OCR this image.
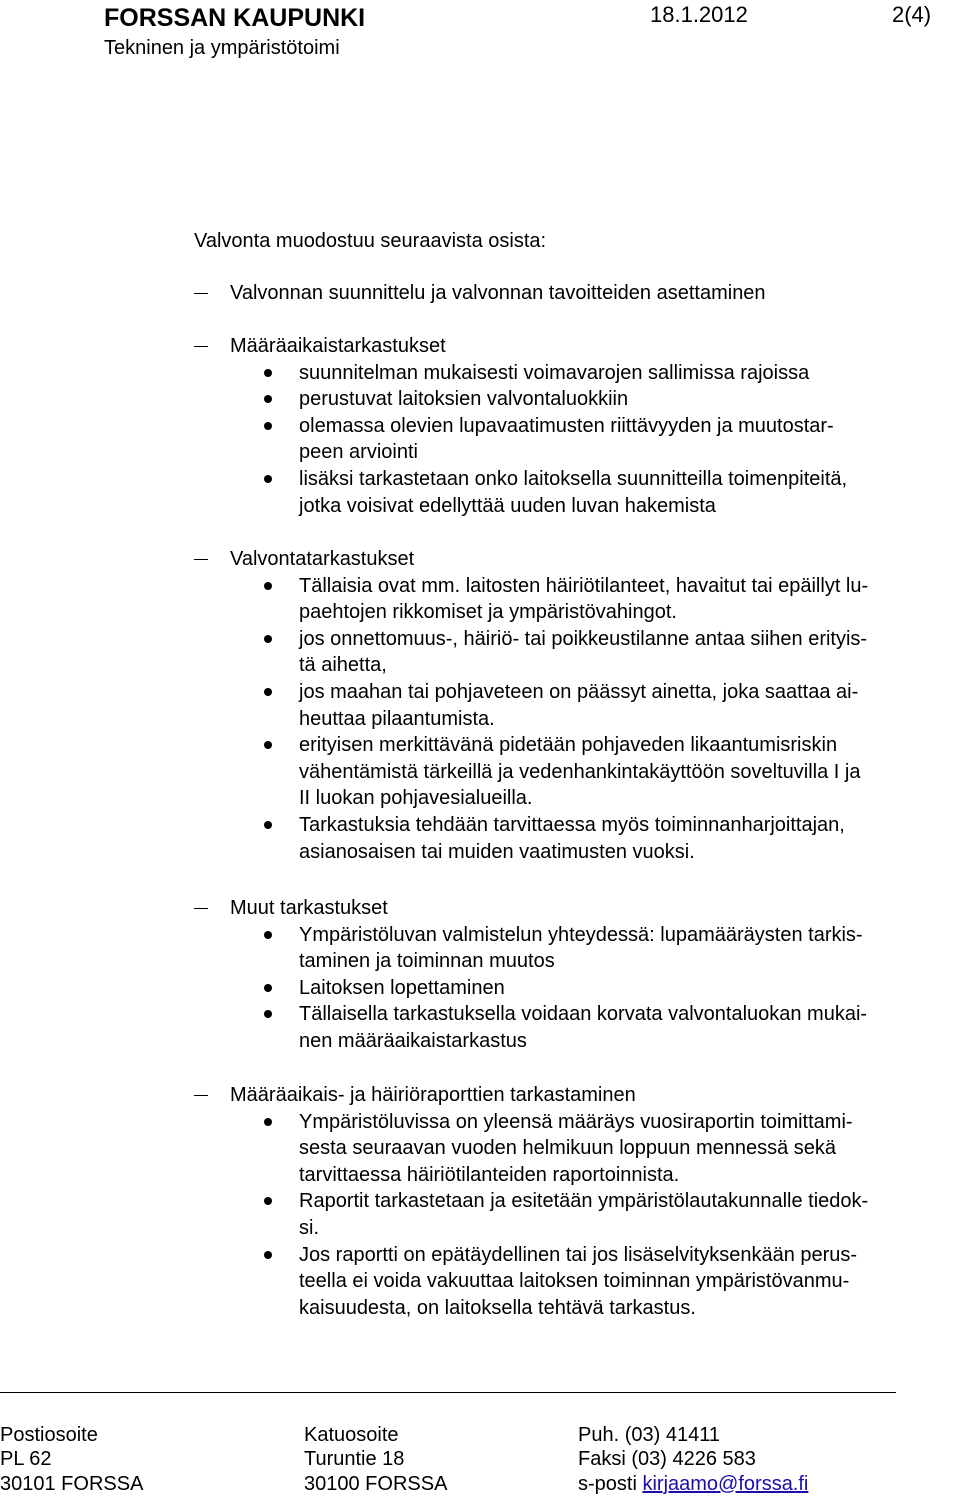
FORSSAN KAUPUNKI
Tekninen ja ympäristötoimi
18.1.2012	2(4)
Valvonta muodostuu seuraavista osista:
Valvonnan suunnittelu ja valvonnan tavoitteiden asettaminen
Määräaikaistarkastukset
suunnitelman mukaisesti voimavarojen sallimissa rajoissa
perustuvat laitoksien valvontaluokkiin
olemassa olevien lupavaatimusten riittävyyden ja muutostar-
peen arviointi
lisäksi tarkastetaan onko laitoksella suunnitteilla toimenpiteitä,
jotka voisivat edellyttää uuden luvan hakemista
Valvontatarkastukset
Tällaisia ovat mm. laitosten häiriötilanteet, havaitut tai epäillyt lu-
paehtojen rikkomiset ja ympäristövahingot.
jos onnettomuus-, häiriö- tai poikkeustilanne antaa siihen erityis-
tä aihetta,
jos maahan tai pohjaveteen on päässyt ainetta, joka saattaa ai-
heuttaa pilaantumista.
erityisen merkittävänä pidetään pohjaveden likaantumisriskin
vähentämistä tärkeillä ja vedenhankintakäyttöön soveltuvilla I ja
II luokan pohjavesialueilla.
Tarkastuksia tehdään tarvittaessa myös toiminnanharjoittajan,
asianosaisen tai muiden vaatimusten vuoksi.
Muut tarkastukset
Ympäristöluvan valmistelun yhteydessä: lupamääräysten tarkis-
taminen ja toiminnan muutos
Laitoksen lopettaminen
Tällaisella tarkastuksella voidaan korvata valvontaluokan mukai-
nen määräaikaistarkastus
Määräaikais- ja häiriöraporttien tarkastaminen
Ympäristöluvissa on yleensä määräys vuosiraportin toimittami-
sesta seuraavan vuoden helmikuun loppuun mennessä sekä
tarvittaessa häiriötilanteiden raportoinnista.
Raportit tarkastetaan ja esitetään ympäristölautakunnalle tiedok-
si.
Jos raportti on epätäydellinen tai jos lisäselvityksenkään perus-
teella ei voida vakuuttaa laitoksen toiminnan ympäristövanmu-
kaisuudesta, on laitoksella tehtävä tarkastus.
Postiosoite
PL 62
30101 FORSSA
Katuosoite
Turuntie 18
30100 FORSSA
Puh. (03) 41411
Faksi (03) 4226 583
s-posti kirjaamo@forssa.fi
